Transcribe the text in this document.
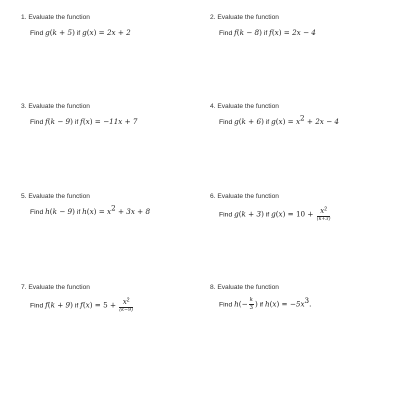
1. Evaluate the function
Find g(k + 5) if g(x) = 2x + 2
2. Evaluate the function
Find f(k − 8) if f(x) = 2x − 4
3. Evaluate the function
Find f(k − 9) if f(x) = −11x + 7
4. Evaluate the function
Find g(k + 6) if $g(x) = x^2 + 2x - 4$
5. Evaluate the function
Find h(k − 9) if $h(x) = x^2 + 3x + 8$
6. Evaluate the function
Find g(k + 3) if $g(x) = 10 + \frac{x^2}{(k+3)}$
7. Evaluate the function
Find f(k + 9) if $f(x) = 5 + \frac{x^2}{(k-9)}$
8. Evaluate the function
Find $h(- \frac{k}{3}$ ) if $h(x) = -5x^3$.
